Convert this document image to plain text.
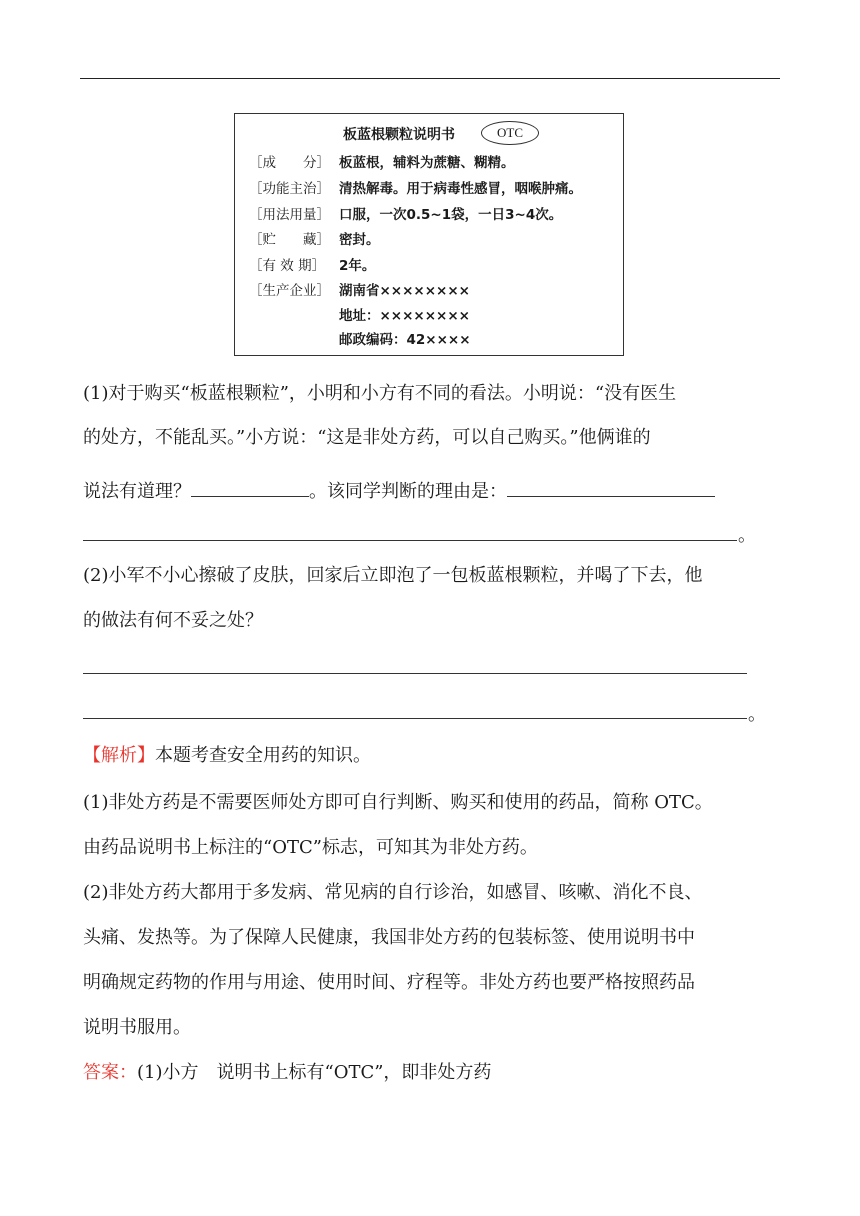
板蓝根颗粒说明书	OTC
［成　　分］ 板蓝根，辅料为蔗糖、糊精。
［功能主治］ 清热解毒。用于病毒性感冒，咽喉肿痛。
［用法用量］ 口服，一次0.5~1袋，一日3~4次。
［贮　　藏］ 密封。
［有 效 期］ 2年。
［生产企业］ 湖南省××××××××
地址：××××××××
邮政编码：42××××
(1)对于购买“板蓝根颗粒”，小明和小方有不同的看法。小明说：“没有医生
的处方，不能乱买。”小方说：“这是非处方药，可以自己购买。”他俩谁的
说法有道理？	。该同学判断的理由是：
。
(2)小军不小心擦破了皮肤，回家后立即泡了一包板蓝根颗粒，并喝了下去，他
的做法有何不妥之处？
。
【解析】本题考查安全用药的知识。
(1)非处方药是不需要医师处方即可自行判断、购买和使用的药品，简称 OTC。
由药品说明书上标注的“OTC”标志，可知其为非处方药。
(2)非处方药大都用于多发病、常见病的自行诊治，如感冒、咳嗽、消化不良、
头痛、发热等。为了保障人民健康，我国非处方药的包装标签、使用说明书中
明确规定药物的作用与用途、使用时间、疗程等。非处方药也要严格按照药品
说明书服用。
答案：(1)小方　说明书上标有“OTC”，即非处方药
